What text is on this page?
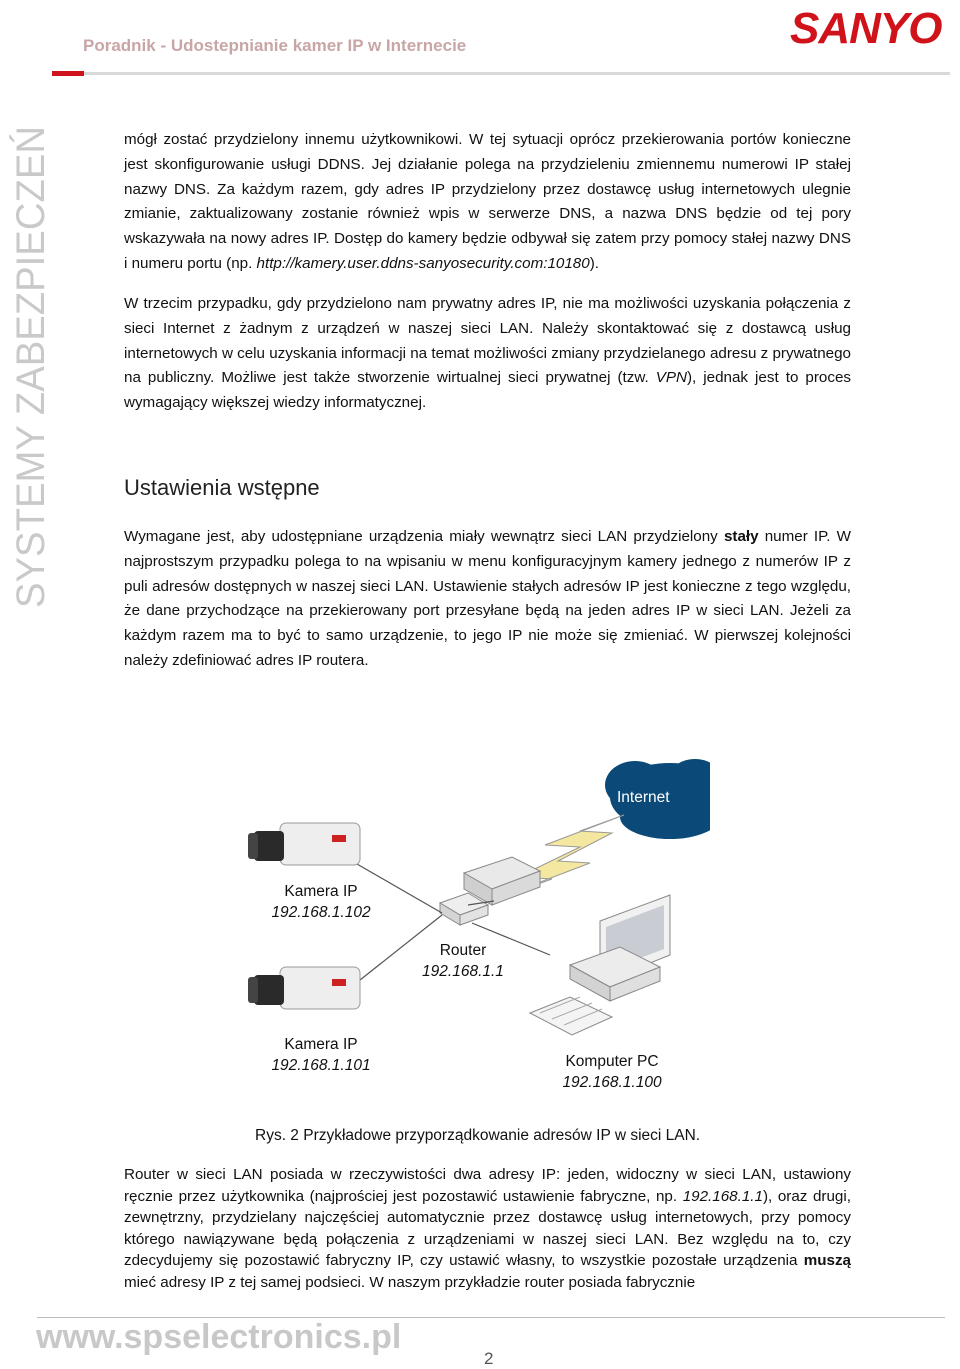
Poradnik - Udostepnianie kamer IP w Internecie	SANYO
SYSTEMY ZABEZPIECZEŃ	mógł zostać przydzielony innemu użytkownikowi. W tej sytuacji oprócz przekierowania portów konieczne jest skonfigurowanie usługi DDNS. Jej działanie polega na przydzieleniu zmiennemu numerowi IP stałej nazwy DNS. Za każdym razem, gdy adres IP przydzielony przez dostawcę usług internetowych ulegnie zmianie, zaktualizowany zostanie również wpis w serwerze DNS, a nazwa DNS będzie od tej pory wskazywała na nowy adres IP. Dostęp do kamery będzie odbywał się zatem przy pomocy stałej nazwy DNS i numeru portu (np. http://kamery.user.ddns-sanyosecurity.com:10180).

W trzecim przypadku, gdy przydzielono nam prywatny adres IP, nie ma możliwości uzyskania połączenia z sieci Internet z żadnym z urządzeń w naszej sieci LAN. Należy skontaktować się z dostawcą usług internetowych w celu uzyskania informacji na temat możliwości zmiany przydzielanego adresu z prywatnego na publiczny. Możliwe jest także stworzenie wirtualnej sieci prywatnej (tzw. VPN), jednak jest to proces wymagający większej wiedzy informatycznej.

Ustawienia wstępne

Wymagane jest, aby udostępniane urządzenia miały wewnątrz sieci LAN przydzielony stały numer IP. W najprostszym przypadku polega to na wpisaniu w menu konfiguracyjnym kamery jednego z numerów IP z puli adresów dostępnych w naszej sieci LAN. Ustawienie stałych adresów IP jest konieczne z tego względu, że dane przychodzące na przekierowany port przesyłane będą na jeden adres IP w sieci LAN. Jeżeli za każdym razem ma to być to samo urządzenie, to jego IP nie może się zmieniać. W pierwszej kolejności należy zdefiniować adres IP routera.

Internet
Kamera IP
192.168.1.102
Router
192.168.1.1
Kamera IP
192.168.1.101	Komputer PC
192.168.1.100
Rys. 2 Przykładowe przyporządkowanie adresów IP w sieci LAN.
Router w sieci LAN posiada w rzeczywistości dwa adresy IP: jeden, widoczny w sieci LAN, ustawiony ręcznie przez użytkownika (najprościej jest pozostawić ustawienie fabryczne, np. 192.168.1.1), oraz drugi, zewnętrzny, przydzielany najczęściej automatycznie przez dostawcę usług internetowych, przy pomocy którego nawiązywane będą połączenia z urządzeniami w naszej sieci LAN. Bez względu na to, czy zdecydujemy się pozostawić fabryczny IP, czy ustawić własny, to wszystkie pozostałe urządzenia muszą mieć adresy IP z tej samej podsieci. W naszym przykładzie router posiada fabrycznie
www.spselectronics.pl
2
